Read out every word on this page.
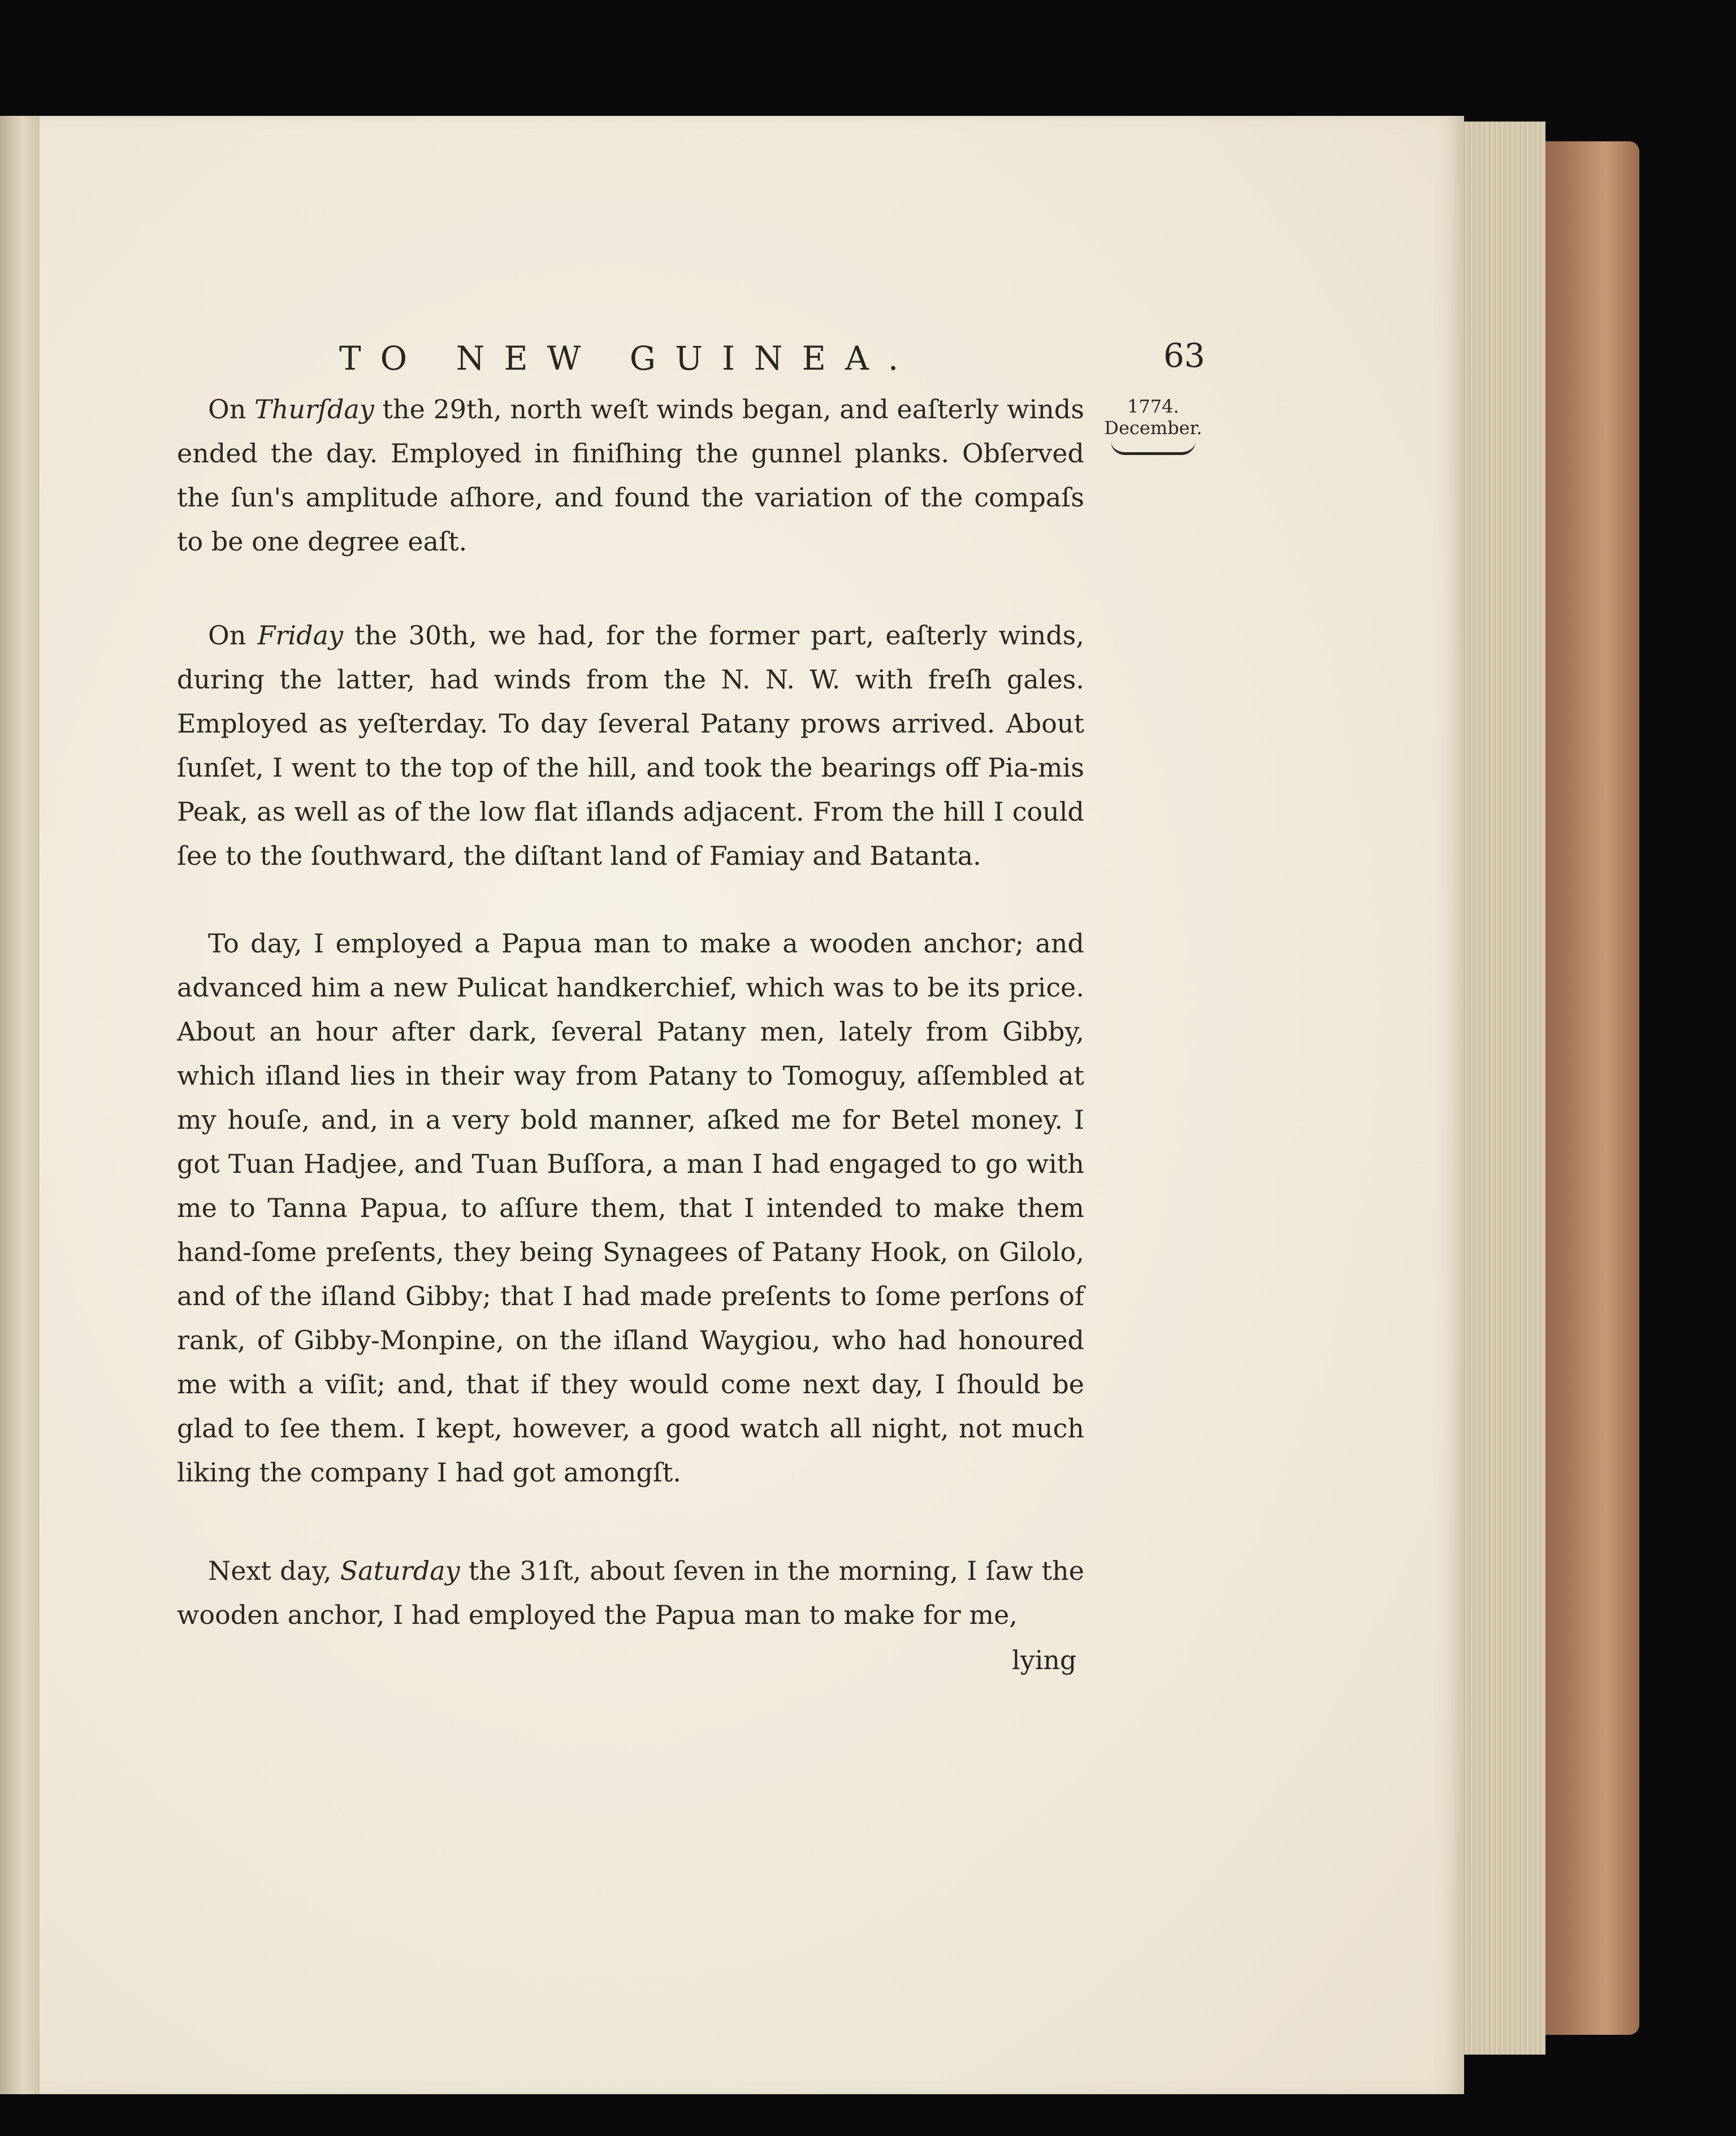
TO NEW GUINEA.	63
1774.
December.

On Thurſday the 29th, north weſt winds began, and eaſterly winds ended the day. Employed in finiſhing the gunnel planks. Obſerved the ſun's amplitude aſhore, and found the variation of the compaſs to be one degree eaſt.

On Friday the 30th, we had, for the former part, eaſterly winds, during the latter, had winds from the N. N. W. with freſh gales. Employed as yeſterday. To day ſeveral Patany prows arrived. About ſunſet, I went to the top of the hill, and took the bearings off Pia-mis Peak, as well as of the low flat iſlands adjacent. From the hill I could ſee to the ſouthward, the diſtant land of Famiay and Batanta.

To day, I employed a Papua man to make a wooden anchor; and advanced him a new Pulicat handkerchief, which was to be its price. About an hour after dark, ſeveral Patany men, lately from Gibby, which iſland lies in their way from Patany to Tomoguy, aſſembled at my houſe, and, in a very bold manner, aſked me for Betel money. I got Tuan Hadjee, and Tuan Buſſora, a man I had engaged to go with me to Tanna Papua, to aſſure them, that I intended to make them hand-ſome preſents, they being Synagees of Patany Hook, on Gilolo, and of the iſland Gibby; that I had made preſents to ſome perſons of rank, of Gibby-Monpine, on the iſland Waygiou, who had honoured me with a viſit; and, that if they would come next day, I ſhould be glad to ſee them. I kept, however, a good watch all night, not much liking the company I had got amongſt.

Next day, Saturday the 31ſt, about ſeven in the morning, I ſaw the wooden anchor, I had employed the Papua man to make for me,

lying
